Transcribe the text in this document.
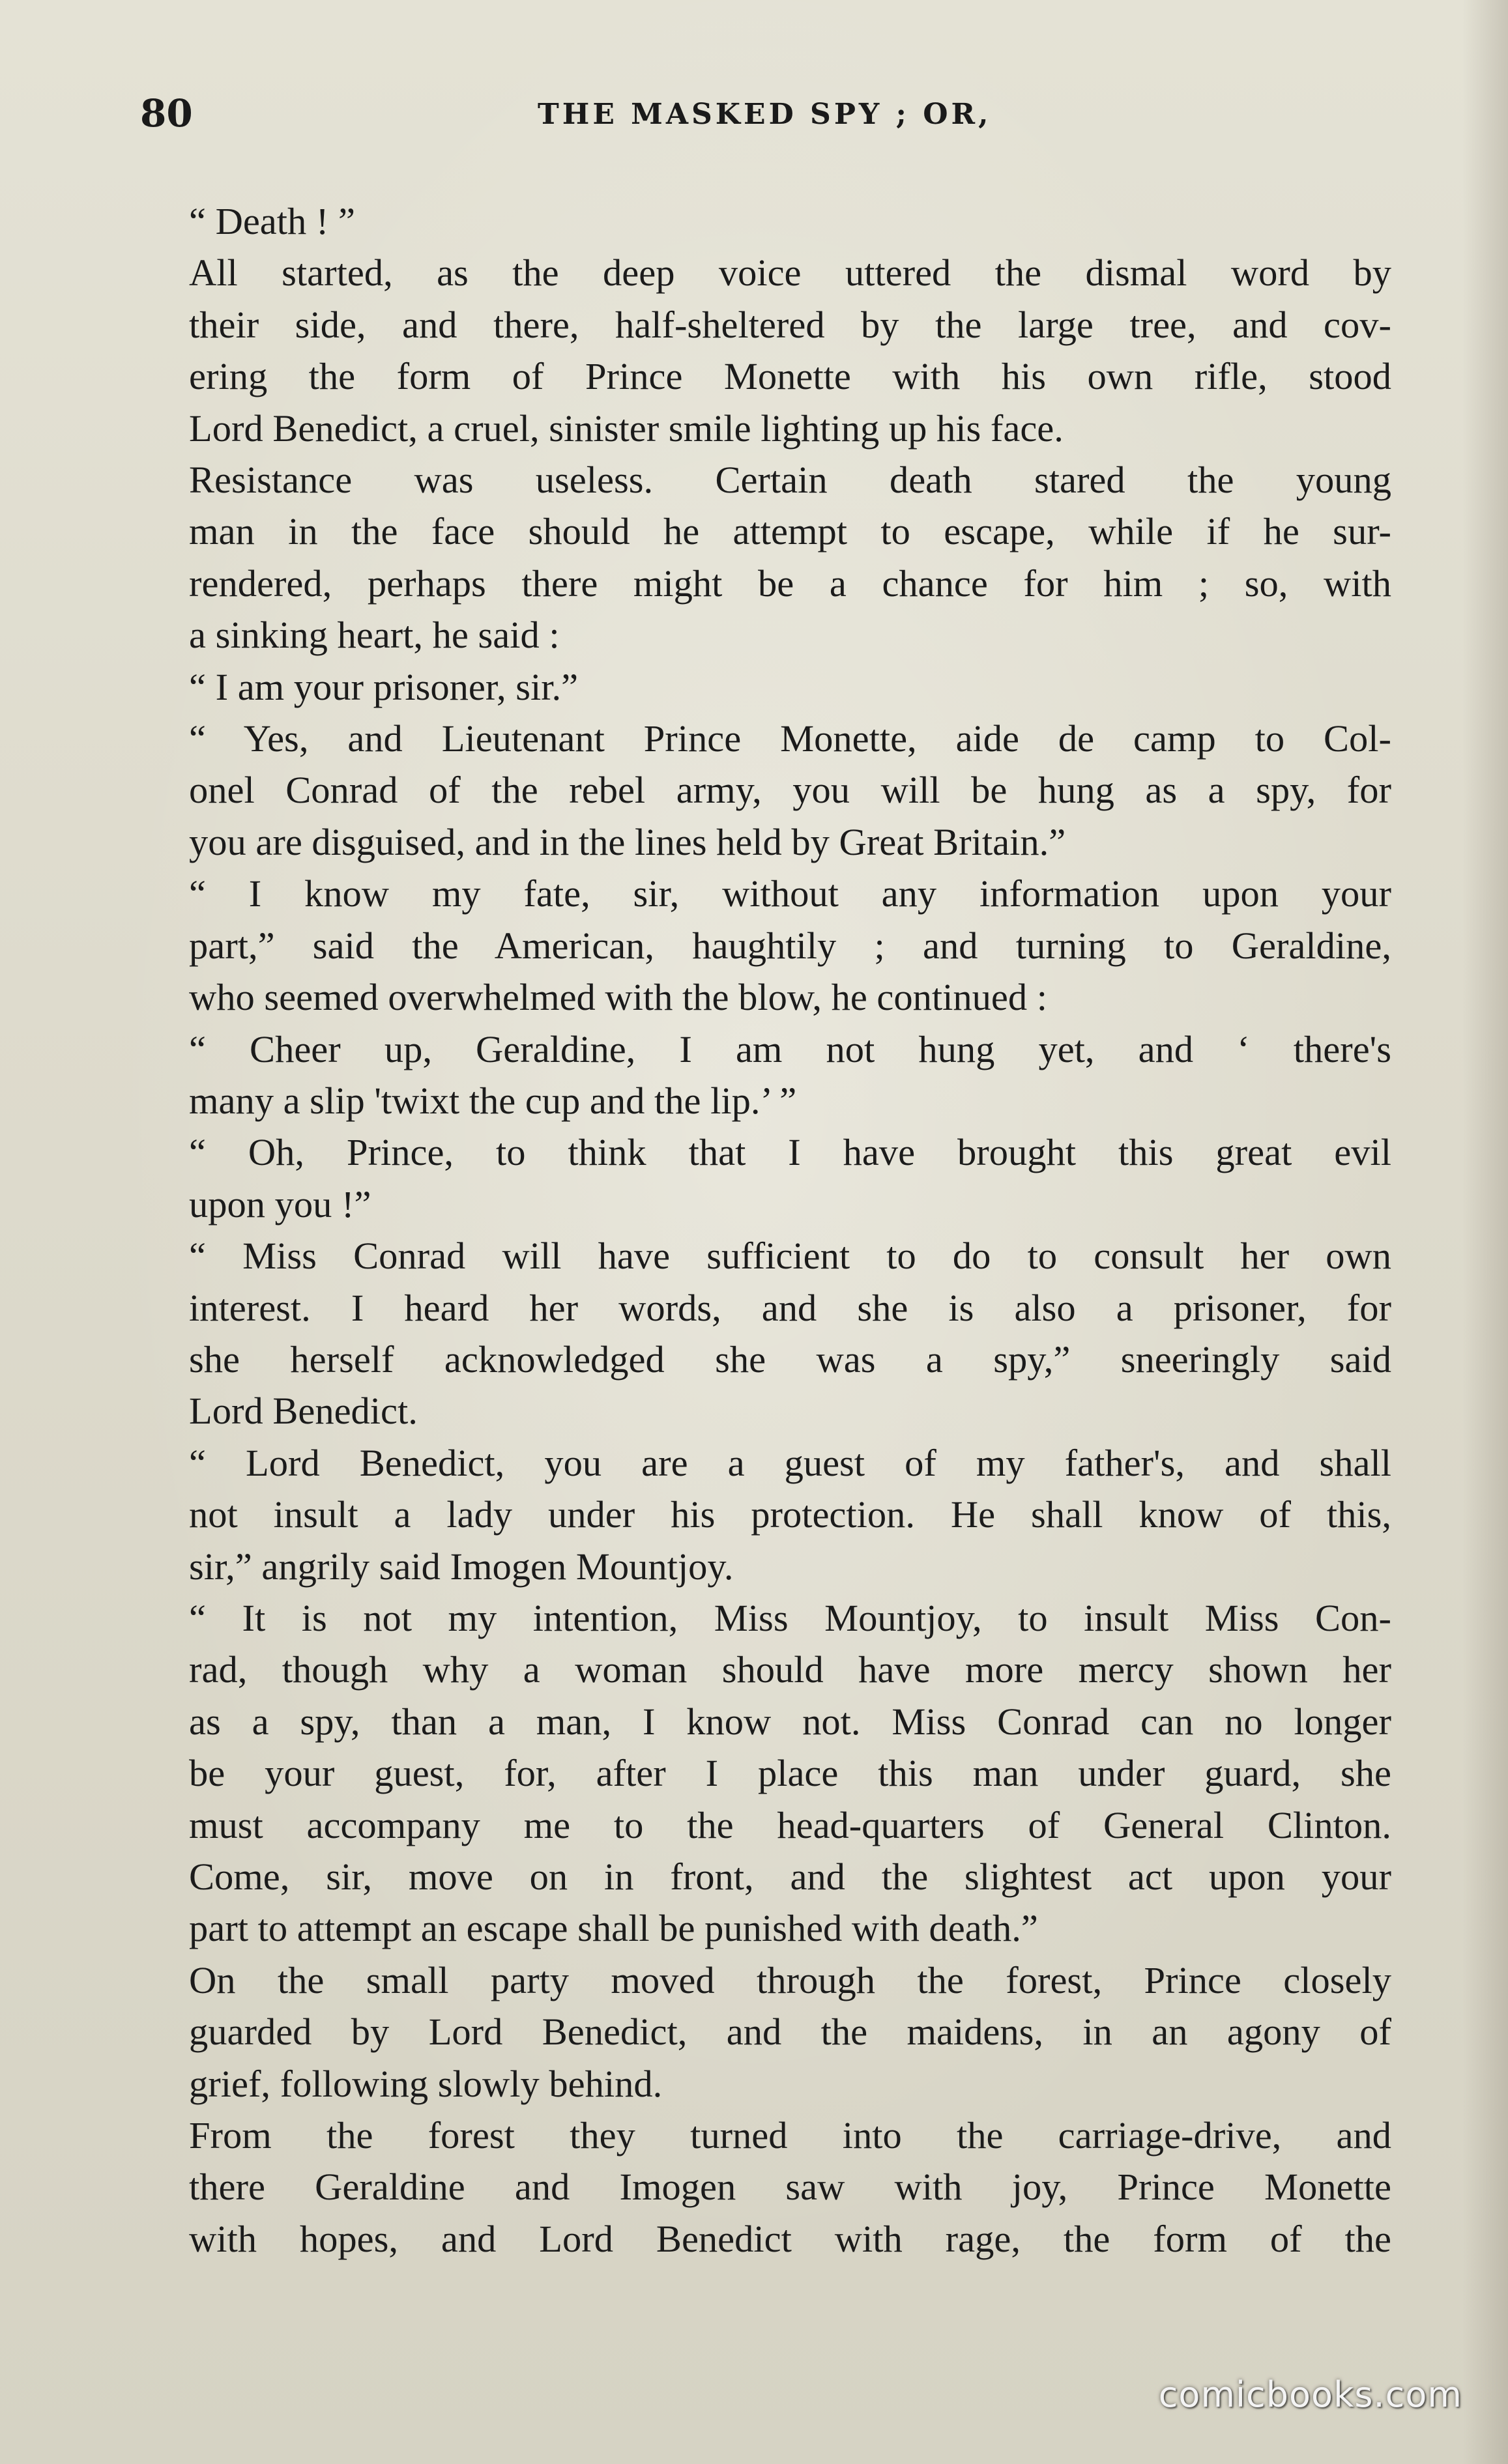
80	THE MASKED SPY ; OR,

“ Death ! ”

All started, as the deep voice uttered the dismal word by
their side, and there, half-sheltered by the large tree, and cov-
ering the form of Prince Monette with his own rifle, stood
Lord Benedict, a cruel, sinister smile lighting up his face.

Resistance was useless. Certain death stared the young
man in the face should he attempt to escape, while if he sur-
rendered, perhaps there might be a chance for him ; so, with
a sinking heart, he said :

“ I am your prisoner, sir.”

“ Yes, and Lieutenant Prince Monette, aide de camp to Col-
onel Conrad of the rebel army, you will be hung as a spy, for
you are disguised, and in the lines held by Great Britain.”

“ I know my fate, sir, without any information upon your
part,” said the American, haughtily ; and turning to Geraldine,
who seemed overwhelmed with the blow, he continued :

“ Cheer up, Geraldine, I am not hung yet, and ‘ there's
many a slip 'twixt the cup and the lip.’ ”

“ Oh, Prince, to think that I have brought this great evil
upon you !”

“ Miss Conrad will have sufficient to do to consult her own
interest. I heard her words, and she is also a prisoner, for
she herself acknowledged she was a spy,” sneeringly said
Lord Benedict.

“ Lord Benedict, you are a guest of my father's, and shall
not insult a lady under his protection. He shall know of this,
sir,” angrily said Imogen Mountjoy.

“ It is not my intention, Miss Mountjoy, to insult Miss Con-
rad, though why a woman should have more mercy shown her
as a spy, than a man, I know not. Miss Conrad can no longer
be your guest, for, after I place this man under guard, she
must accompany me to the head-quarters of General Clinton.
Come, sir, move on in front, and the slightest act upon your
part to attempt an escape shall be punished with death.”

On the small party moved through the forest, Prince closely
guarded by Lord Benedict, and the maidens, in an agony of
grief, following slowly behind.

From the forest they turned into the carriage-drive, and
there Geraldine and Imogen saw with joy, Prince Monette
with hopes, and Lord Benedict with rage, the form of the

comicbooks.com
